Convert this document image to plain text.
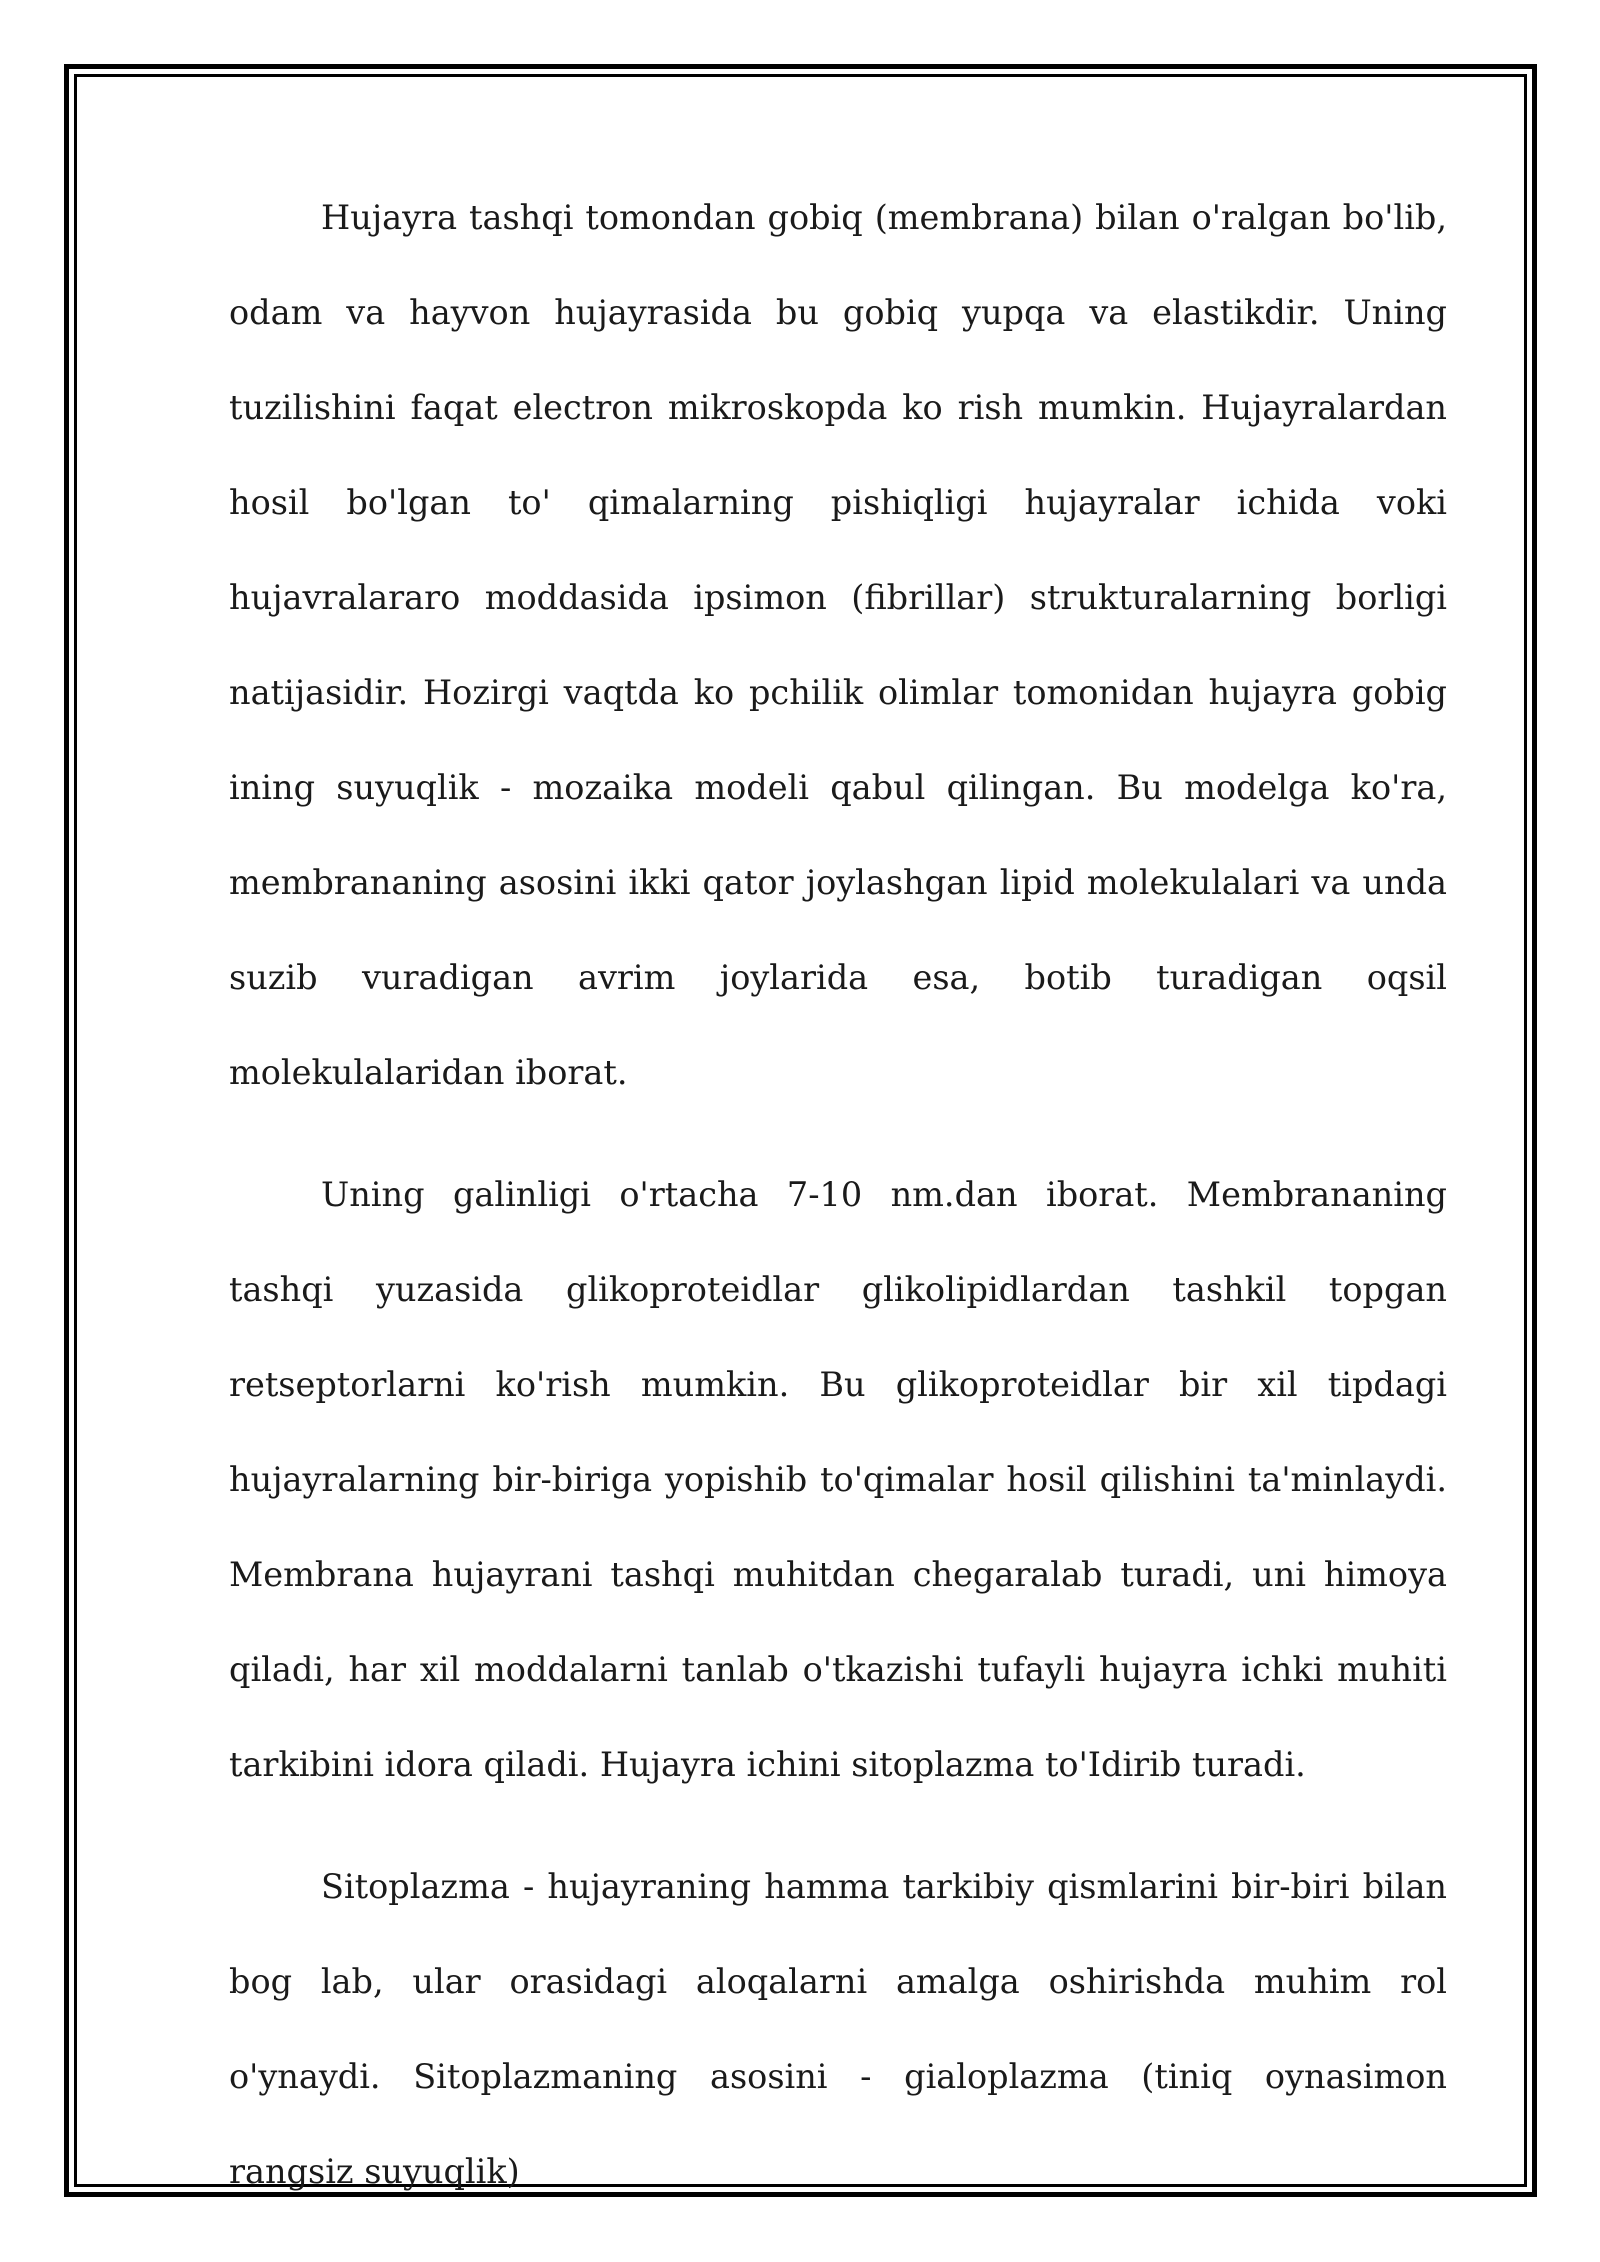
Hujayra tashqi tomondan gobiq (membrana) bilan o'ralgan bo'lib, odam va hayvon hujayrasida bu gobiq yupqa va elastikdir. Uning tuzilishini faqat electron mikroskopda ko rish mumkin. Hujayralardan hosil bo'lgan to' qimalarning pishiqligi hujayralar ichida voki hujavralararo moddasida ipsimon (fibrillar) strukturalarning borligi natijasidir. Hozirgi vaqtda ko pchilik olimlar tomonidan hujayra gobig ining suyuqlik - mozaika modeli qabul qilingan. Bu modelga ko'ra, membrananing asosini ikki qator joylashgan lipid molekulalari va unda suzib vuradigan avrim joylarida esa, botib turadigan oqsil molekulalaridan iborat.

Uning galinligi o'rtacha 7-10 nm.dan iborat. Membrananing tashqi yuzasida glikoproteidlar glikolipidlardan tashkil topgan retseptorlarni ko'rish mumkin. Bu glikoproteidlar bir xil tipdagi hujayralarning bir-biriga yopishib to'qimalar hosil qilishini ta'minlaydi. Membrana hujayrani tashqi muhitdan chegaralab turadi, uni himoya qiladi, har xil moddalarni tanlab o'tkazishi tufayli hujayra ichki muhiti tarkibini idora qiladi. Hujayra ichini sitoplazma to'Idirib turadi.

Sitoplazma - hujayraning hamma tarkibiy qismlarini bir-biri bilan bog lab, ular orasidagi aloqalarni amalga oshirishda muhim rol o'ynaydi. Sitoplazmaning asosini - gialoplazma (tiniq oynasimon rangsiz suyuqlik)
